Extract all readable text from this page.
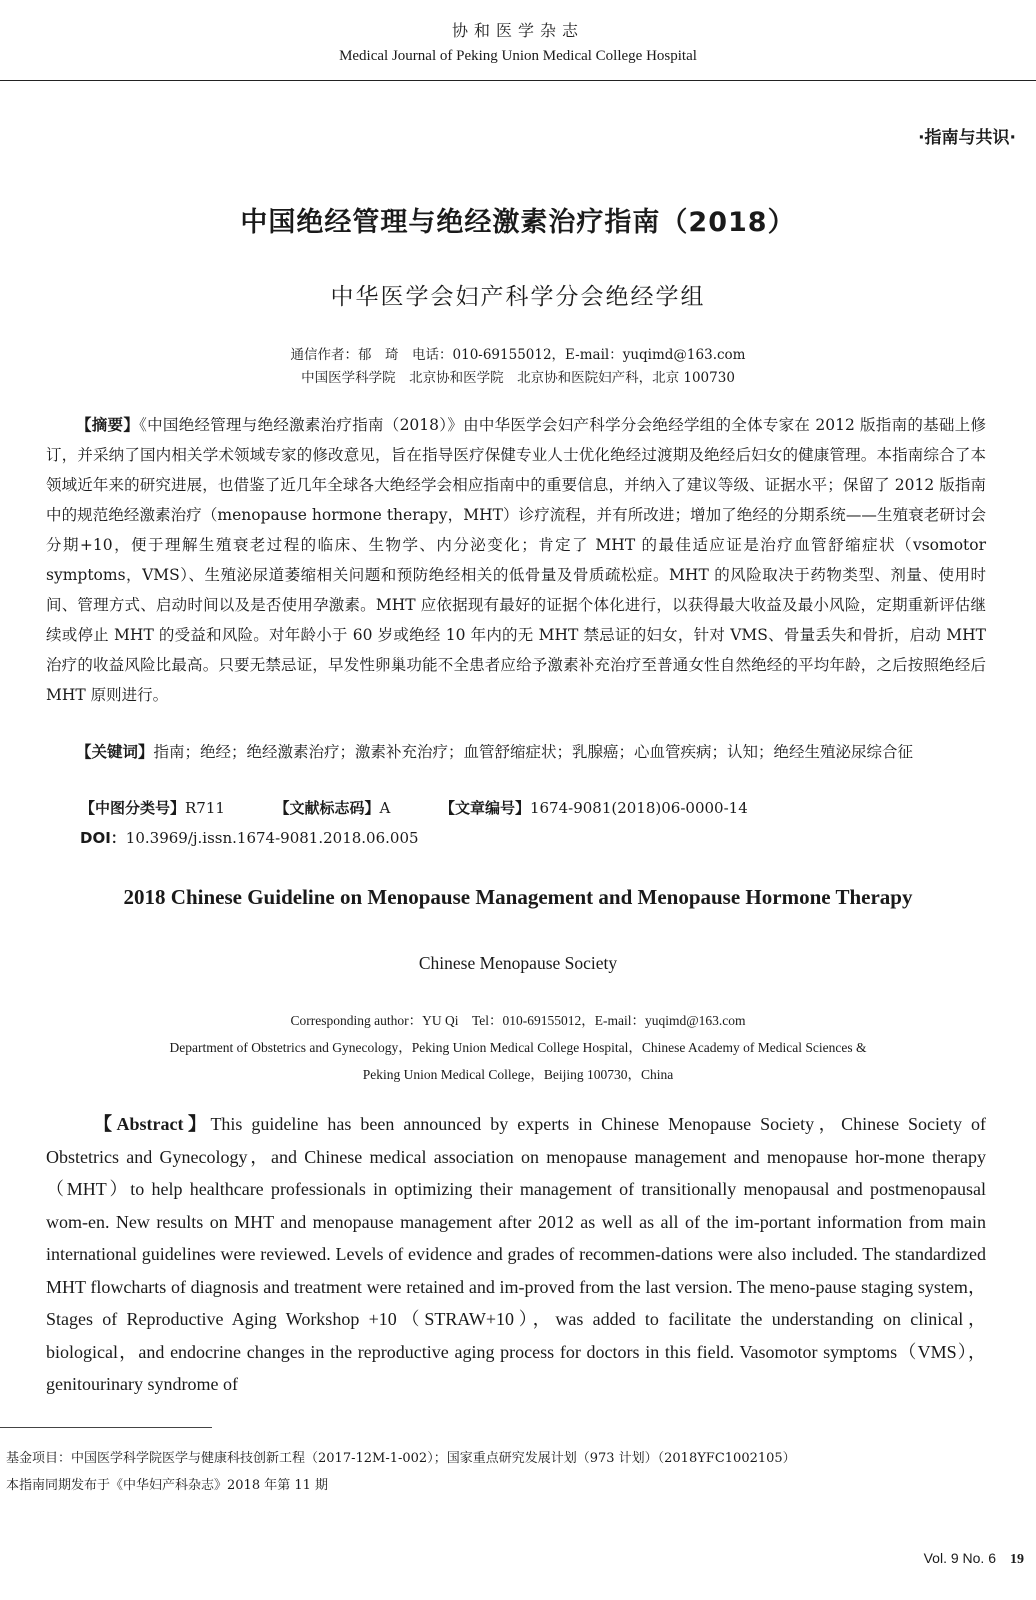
协和医学杂志
Medical Journal of Peking Union Medical College Hospital
·指南与共识·
中国绝经管理与绝经激素治疗指南（2018）
中华医学会妇产科学分会绝经学组
通信作者：郁　琦　电话：010-69155012，E-mail：yuqimd@163.com
中国医学科学院　北京协和医学院　北京协和医院妇产科，北京 100730
【摘要】《中国绝经管理与绝经激素治疗指南（2018）》由中华医学会妇产科学分会绝经学组的全体专家在 2012 版指南的基础上修订，并采纳了国内相关学术领域专家的修改意见，旨在指导医疗保健专业人士优化绝经过渡期及绝经后妇女的健康管理。本指南综合了本领域近年来的研究进展，也借鉴了近几年全球各大绝经学会相应指南中的重要信息，并纳入了建议等级、证据水平；保留了 2012 版指南中的规范绝经激素治疗（menopause hormone therapy，MHT）诊疗流程，并有所改进；增加了绝经的分期系统——生殖衰老研讨会分期+10，便于理解生殖衰老过程的临床、生物学、内分泌变化；肯定了 MHT 的最佳适应证是治疗血管舒缩症状（vsomotor symptoms，VMS）、生殖泌尿道萎缩相关问题和预防绝经相关的低骨量及骨质疏松症。MHT 的风险取决于药物类型、剂量、使用时间、管理方式、启动时间以及是否使用孕激素。MHT 应依据现有最好的证据个体化进行，以获得最大收益及最小风险，定期重新评估继续或停止 MHT 的受益和风险。对年龄小于 60 岁或绝经 10 年内的无 MHT 禁忌证的妇女，针对 VMS、骨量丢失和骨折，启动 MHT 治疗的收益风险比最高。只要无禁忌证，早发性卵巢功能不全患者应给予激素补充治疗至普通女性自然绝经的平均年龄，之后按照绝经后 MHT 原则进行。
【关键词】指南；绝经；绝经激素治疗；激素补充治疗；血管舒缩症状；乳腺癌；心血管疾病；认知；绝经生殖泌尿综合征
【中图分类号】R711	【文献标志码】A	【文章编号】1674-9081(2018)06-0000-14
DOI：10.3969/j.issn.1674-9081.2018.06.005
2018 Chinese Guideline on Menopause Management and Menopause Hormone Therapy
Chinese Menopause Society
Corresponding author：YU Qi　Tel：010-69155012，E-mail：yuqimd@163.com
Department of Obstetrics and Gynecology，Peking Union Medical College Hospital，Chinese Academy of Medical Sciences &
Peking Union Medical College，Beijing 100730，China
【Abstract】This guideline has been announced by experts in Chinese Menopause Society，Chinese Society of Obstetrics and Gynecology，and Chinese medical association on menopause management and menopause hor-mone therapy（MHT）to help healthcare professionals in optimizing their management of transitionally menopausal and postmenopausal wom-en. New results on MHT and menopause management after 2012 as well as all of the im-portant information from main international guidelines were reviewed. Levels of evidence and grades of recommen-dations were also included. The standardized MHT flowcharts of diagnosis and treatment were retained and im-proved from the last version. The meno-pause staging system，Stages of Reproductive Aging Workshop +10（STRAW+10），was added to facilitate the understanding on clinical，biological，and endocrine changes in the reproductive aging process for doctors in this field. Vasomotor symptoms（VMS），genitourinary syndrome of
基金项目：中国医学科学院医学与健康科技创新工程（2017-12M-1-002）；国家重点研究发展计划（973 计划）（2018YFC1002105）
本指南同期发布于《中华妇产科杂志》2018 年第 11 期
Vol. 9 No. 6 19
